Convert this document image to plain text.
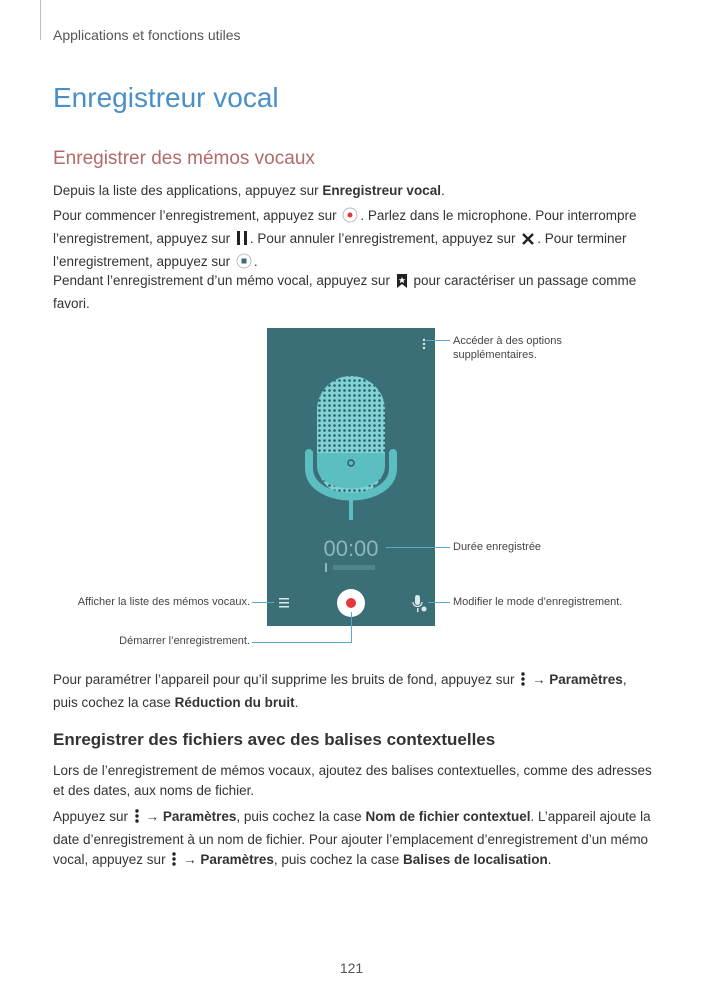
Applications et fonctions utiles
Enregistreur vocal
Enregistrer des mémos vocaux

Depuis la liste des applications, appuyez sur Enregistreur vocal.

Pour commencer l’enregistrement, appuyez sur . Parlez dans le microphone. Pour interrompre l’enregistrement, appuyez sur . Pour annuler l’enregistrement, appuyez sur . Pour terminer l’enregistrement, appuyez sur .

Pendant l’enregistrement d’un mémo vocal, appuyez sur  pour caractériser un passage comme favori.

00:00
Accéder à des options supplémentaires.
Durée enregistrée
Afficher la liste des mémos vocaux.	Modifier le mode d’enregistrement.
Démarrer l’enregistrement.

Pour paramétrer l’appareil pour qu’il supprime les bruits de fond, appuyez sur  → Paramètres, puis cochez la case Réduction du bruit.

Enregistrer des fichiers avec des balises contextuelles

Lors de l’enregistrement de mémos vocaux, ajoutez des balises contextuelles, comme des adresses et des dates, aux noms de fichier.

Appuyez sur  → Paramètres, puis cochez la case Nom de fichier contextuel. L’appareil ajoute la date d’enregistrement à un nom de fichier. Pour ajouter l’emplacement d’enregistrement d’un mémo vocal, appuyez sur  → Paramètres, puis cochez la case Balises de localisation.

121
